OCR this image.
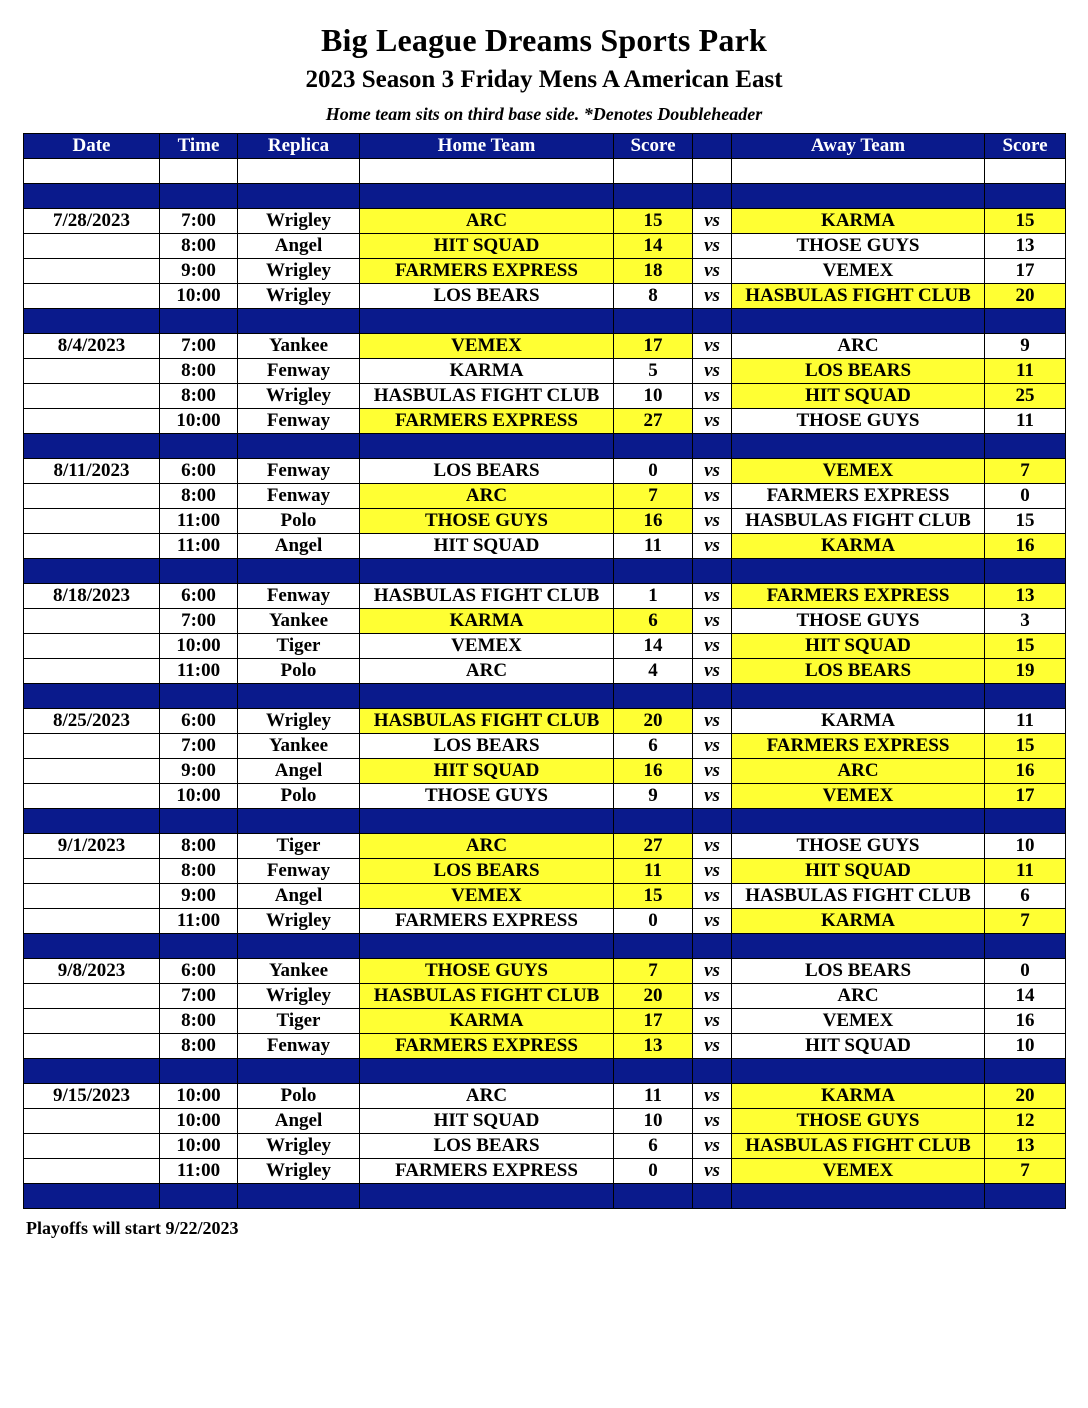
Big League Dreams Sports Park
2023 Season 3 Friday Mens A American East
Home team sits on third base side. *Denotes Doubleheader
Date	Time	Replica	Home Team	Score		Away Team	Score

7/28/2023	7:00	Wrigley	ARC	15	vs	KARMA	15
	8:00	Angel	HIT SQUAD	14	vs	THOSE GUYS	13
	9:00	Wrigley	FARMERS EXPRESS	18	vs	VEMEX	17
	10:00	Wrigley	LOS BEARS	8	vs	HASBULAS FIGHT CLUB	20

8/4/2023	7:00	Yankee	VEMEX	17	vs	ARC	9
	8:00	Fenway	KARMA	5	vs	LOS BEARS	11
	8:00	Wrigley	HASBULAS FIGHT CLUB	10	vs	HIT SQUAD	25
	10:00	Fenway	FARMERS EXPRESS	27	vs	THOSE GUYS	11

8/11/2023	6:00	Fenway	LOS BEARS	0	vs	VEMEX	7
	8:00	Fenway	ARC	7	vs	FARMERS EXPRESS	0
	11:00	Polo	THOSE GUYS	16	vs	HASBULAS FIGHT CLUB	15
	11:00	Angel	HIT SQUAD	11	vs	KARMA	16

8/18/2023	6:00	Fenway	HASBULAS FIGHT CLUB	1	vs	FARMERS EXPRESS	13
	7:00	Yankee	KARMA	6	vs	THOSE GUYS	3
	10:00	Tiger	VEMEX	14	vs	HIT SQUAD	15
	11:00	Polo	ARC	4	vs	LOS BEARS	19

8/25/2023	6:00	Wrigley	HASBULAS FIGHT CLUB	20	vs	KARMA	11
	7:00	Yankee	LOS BEARS	6	vs	FARMERS EXPRESS	15
	9:00	Angel	HIT SQUAD	16	vs	ARC	16
	10:00	Polo	THOSE GUYS	9	vs	VEMEX	17

9/1/2023	8:00	Tiger	ARC	27	vs	THOSE GUYS	10
	8:00	Fenway	LOS BEARS	11	vs	HIT SQUAD	11
	9:00	Angel	VEMEX	15	vs	HASBULAS FIGHT CLUB	6
	11:00	Wrigley	FARMERS EXPRESS	0	vs	KARMA	7

9/8/2023	6:00	Yankee	THOSE GUYS	7	vs	LOS BEARS	0
	7:00	Wrigley	HASBULAS FIGHT CLUB	20	vs	ARC	14
	8:00	Tiger	KARMA	17	vs	VEMEX	16
	8:00	Fenway	FARMERS EXPRESS	13	vs	HIT SQUAD	10

9/15/2023	10:00	Polo	ARC	11	vs	KARMA	20
	10:00	Angel	HIT SQUAD	10	vs	THOSE GUYS	12
	10:00	Wrigley	LOS BEARS	6	vs	HASBULAS FIGHT CLUB	13
	11:00	Wrigley	FARMERS EXPRESS	0	vs	VEMEX	7

Playoffs will start 9/22/2023
